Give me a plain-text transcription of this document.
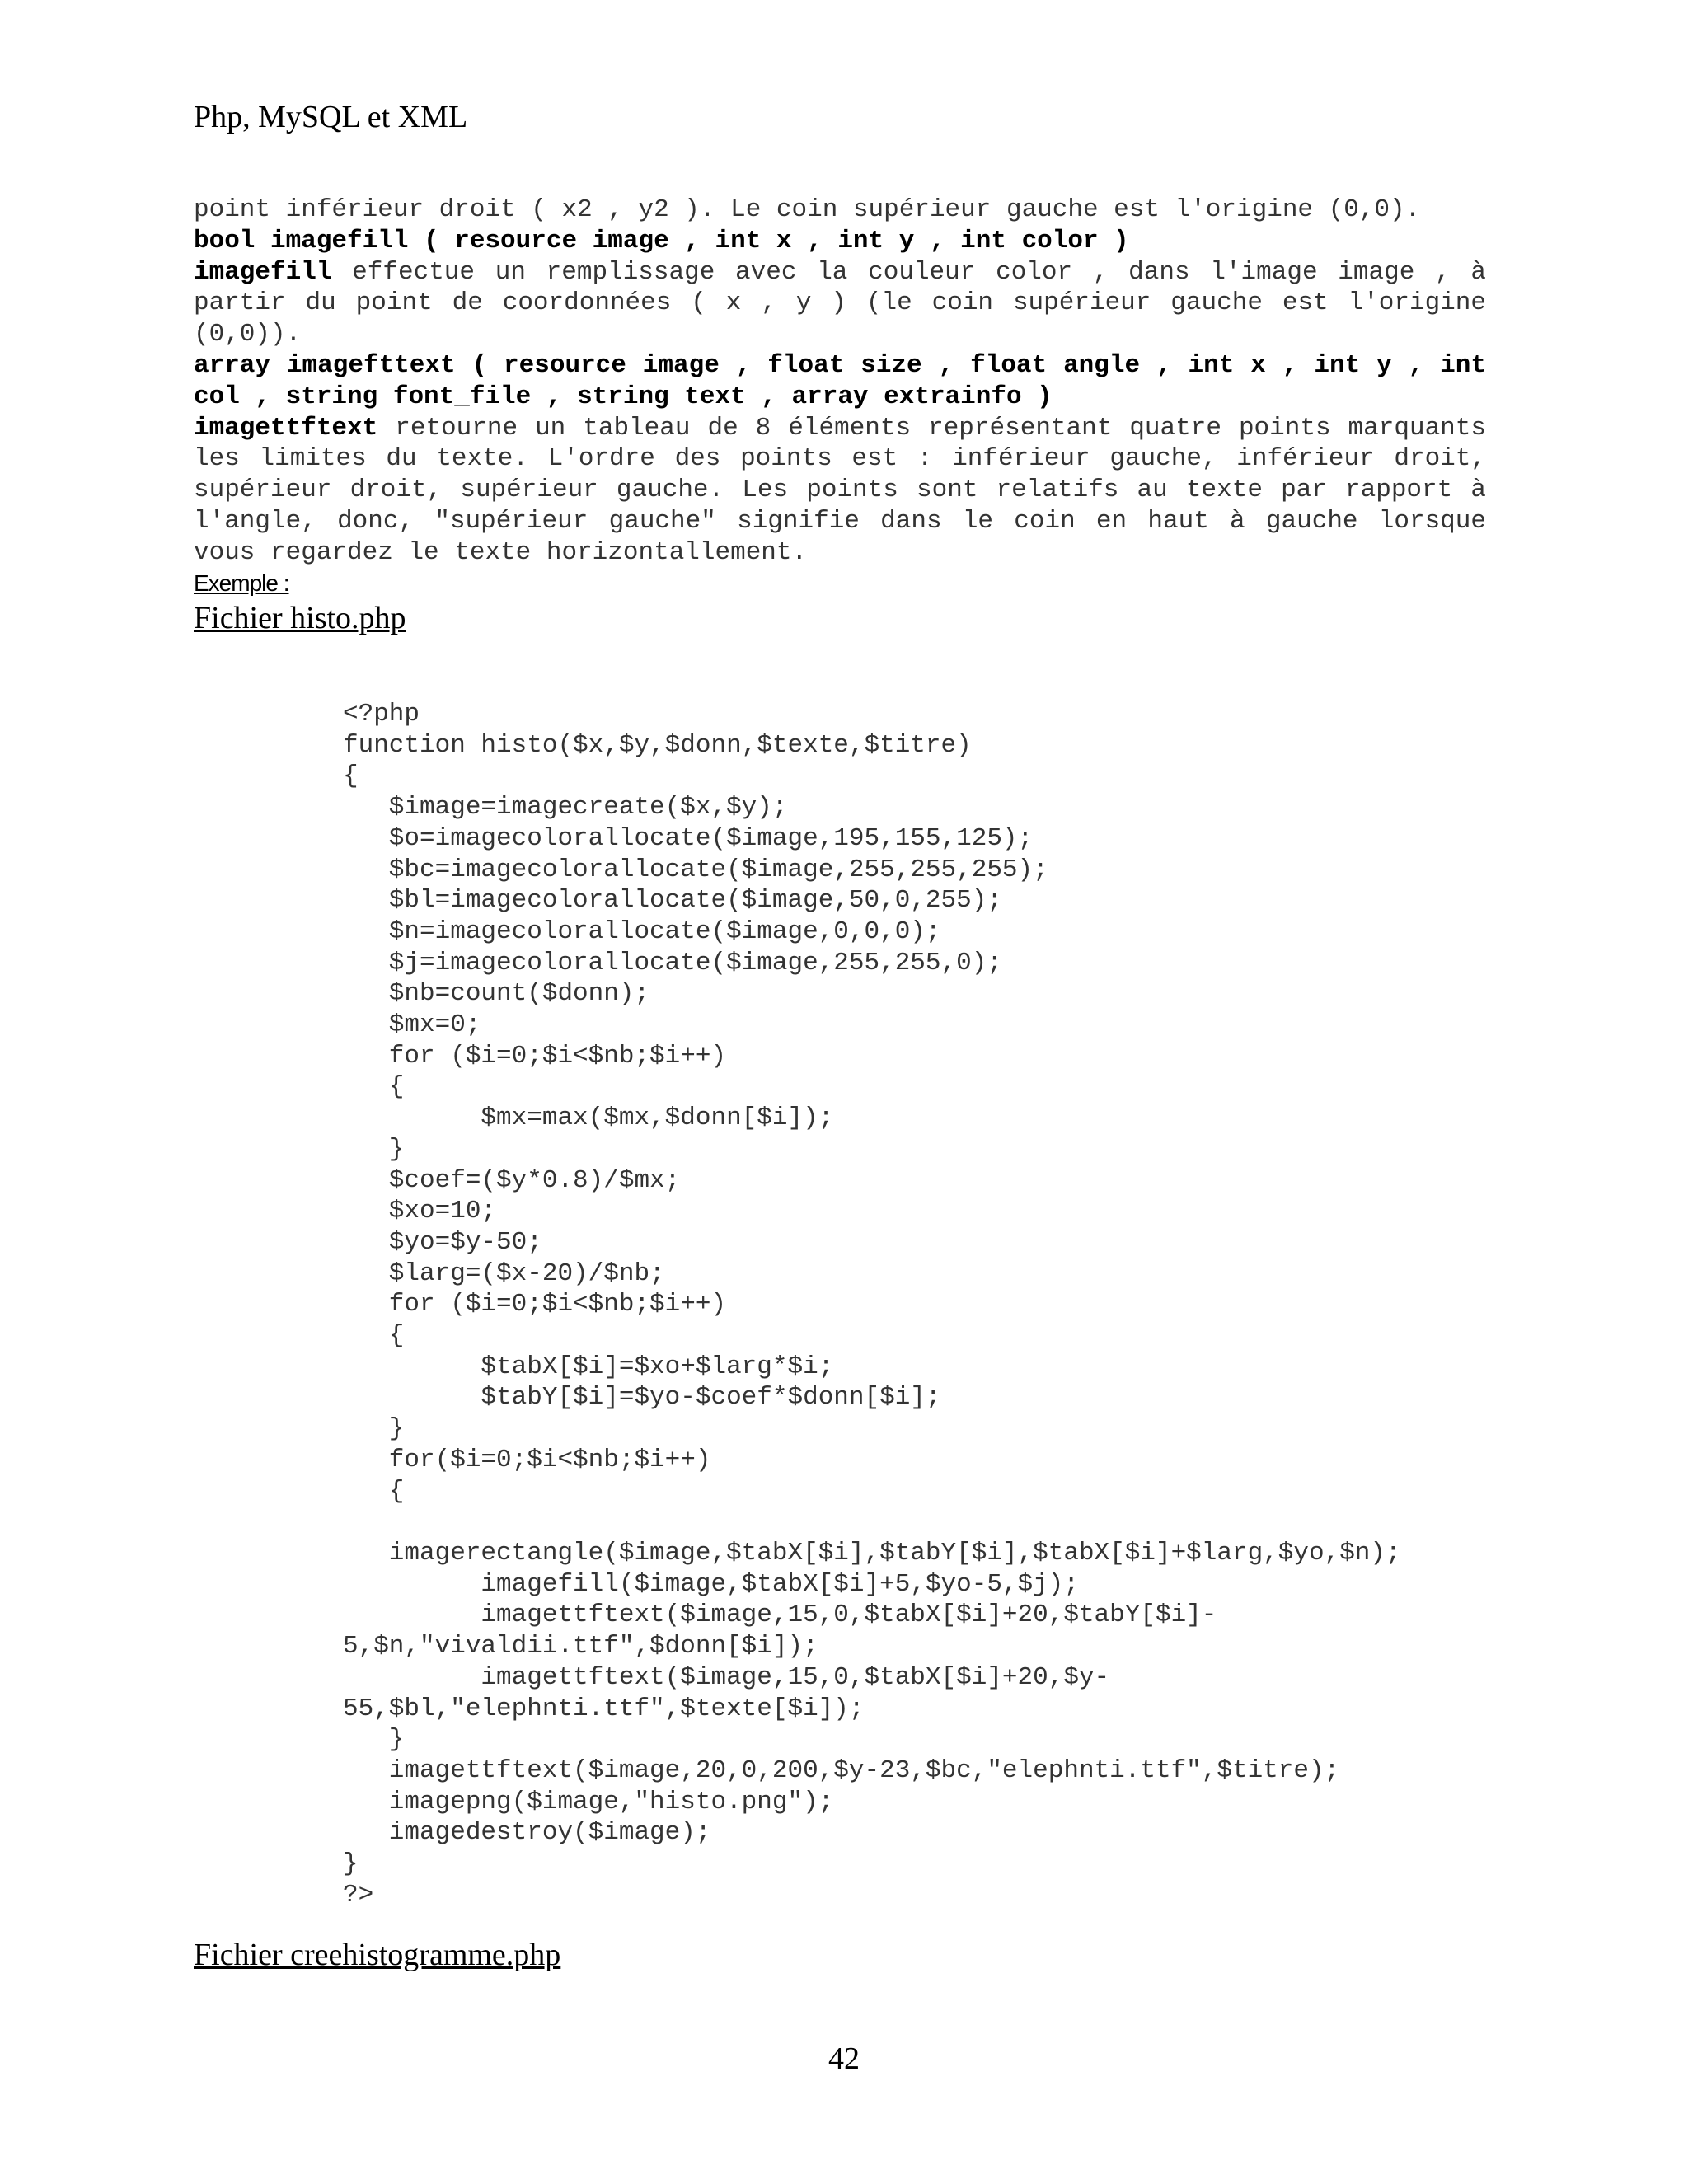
Php, MySQL et XML

point inférieur droit ( x2 , y2 ). Le coin supérieur gauche est l'origine (0,0).

bool imagefill ( resource image , int x , int y , int color )

imagefill effectue un remplissage avec la couleur color , dans l'image image , à partir du point de coordonnées ( x , y ) (le coin supérieur gauche est l'origine (0,0)).

array imagefttext ( resource image , float size , float angle , int x , int y , int col , string font_file , string text , array extrainfo )

imagettftext retourne un tableau de 8 éléments représentant quatre points marquants les limites du texte. L'ordre des points est : inférieur gauche, inférieur droit, supérieur droit, supérieur gauche. Les points sont relatifs au texte par rapport à l'angle, donc, "supérieur gauche" signifie dans le coin en haut à gauche lorsque vous regardez le texte horizontallement.

Exemple :
Fichier histo.php
<?php
function histo($x,$y,$donn,$texte,$titre)
{
$image=imagecreate($x,$y);
$o=imagecolorallocate($image,195,155,125);
$bc=imagecolorallocate($image,255,255,255);
$bl=imagecolorallocate($image,50,0,255);
$n=imagecolorallocate($image,0,0,0);
$j=imagecolorallocate($image,255,255,0);
$nb=count($donn);
$mx=0;
for ($i=0;$i<$nb;$i++)
{
$mx=max($mx,$donn[$i]);
}
$coef=($y*0.8)/$mx;
$xo=10;
$yo=$y-50;
$larg=($x-20)/$nb;
for ($i=0;$i<$nb;$i++)
{
$tabX[$i]=$xo+$larg*$i;
$tabY[$i]=$yo-$coef*$donn[$i];
}
for($i=0;$i<$nb;$i++)
{

imagerectangle($image,$tabX[$i],$tabY[$i],$tabX[$i]+$larg,$yo,$n);
imagefill($image,$tabX[$i]+5,$yo-5,$j);
imagettftext($image,15,0,$tabX[$i]+20,$tabY[$i]-
5,$n,"vivaldii.ttf",$donn[$i]);
imagettftext($image,15,0,$tabX[$i]+20,$y-
55,$bl,"elephnti.ttf",$texte[$i]);
}
imagettftext($image,20,0,200,$y-23,$bc,"elephnti.ttf",$titre);
imagepng($image,"histo.png");
imagedestroy($image);
}
?>
Fichier creehistogramme.php
42
